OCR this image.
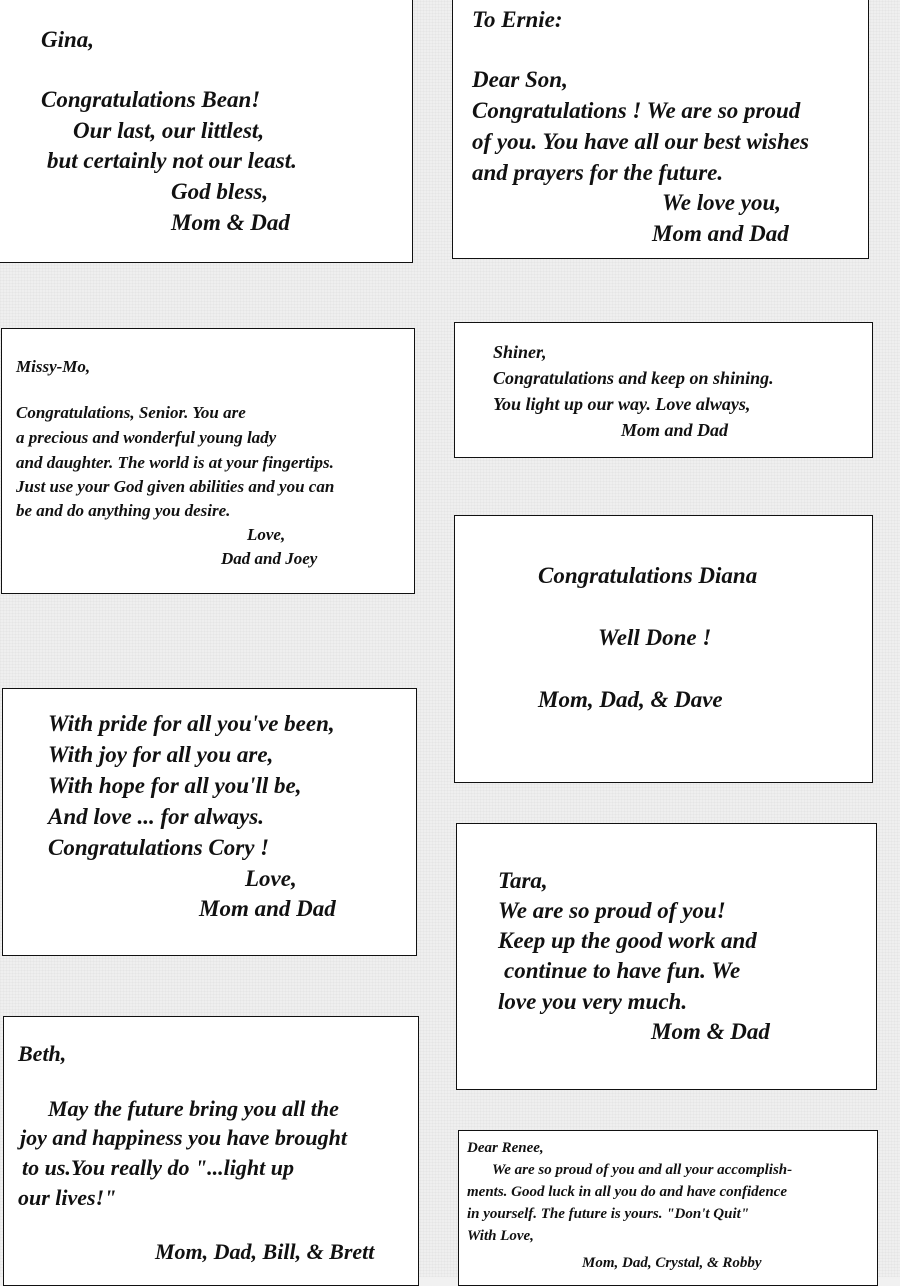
Gina,
Congratulations Bean!
Our last, our littlest,
but certainly not our least.
God bless,
Mom & Dad
To Ernie:
Dear Son,
Congratulations ! We are so proud
of you. You have all our best wishes
and prayers for the future.
We love you,
Mom and Dad
Missy-Mo,
Congratulations, Senior. You are
a precious and wonderful young lady
and daughter. The world is at your fingertips.
Just use your God given abilities and you can
be and do anything you desire.
Love,
Dad and Joey
Shiner,
Congratulations and keep on shining.
You light up our way. Love always,
Mom and Dad
Congratulations Diana
Well Done !
Mom, Dad, & Dave
With pride for all you've been,
With joy for all you are,
With hope for all you'll be,
And love ... for always.
Congratulations Cory !
Love,
Mom and Dad
Tara,
We are so proud of you!
Keep up the good work and
continue to have fun. We
love you very much.
Mom & Dad
Beth,
May the future bring you all the
joy and happiness you have brought
to us.You really do "...light up
our lives!"
Mom, Dad, Bill, & Brett
Dear Renee,
We are so proud of you and all your accomplish-
ments. Good luck in all you do and have confidence
in yourself. The future is yours. "Don't Quit"
With Love,
Mom, Dad, Crystal, & Robby
